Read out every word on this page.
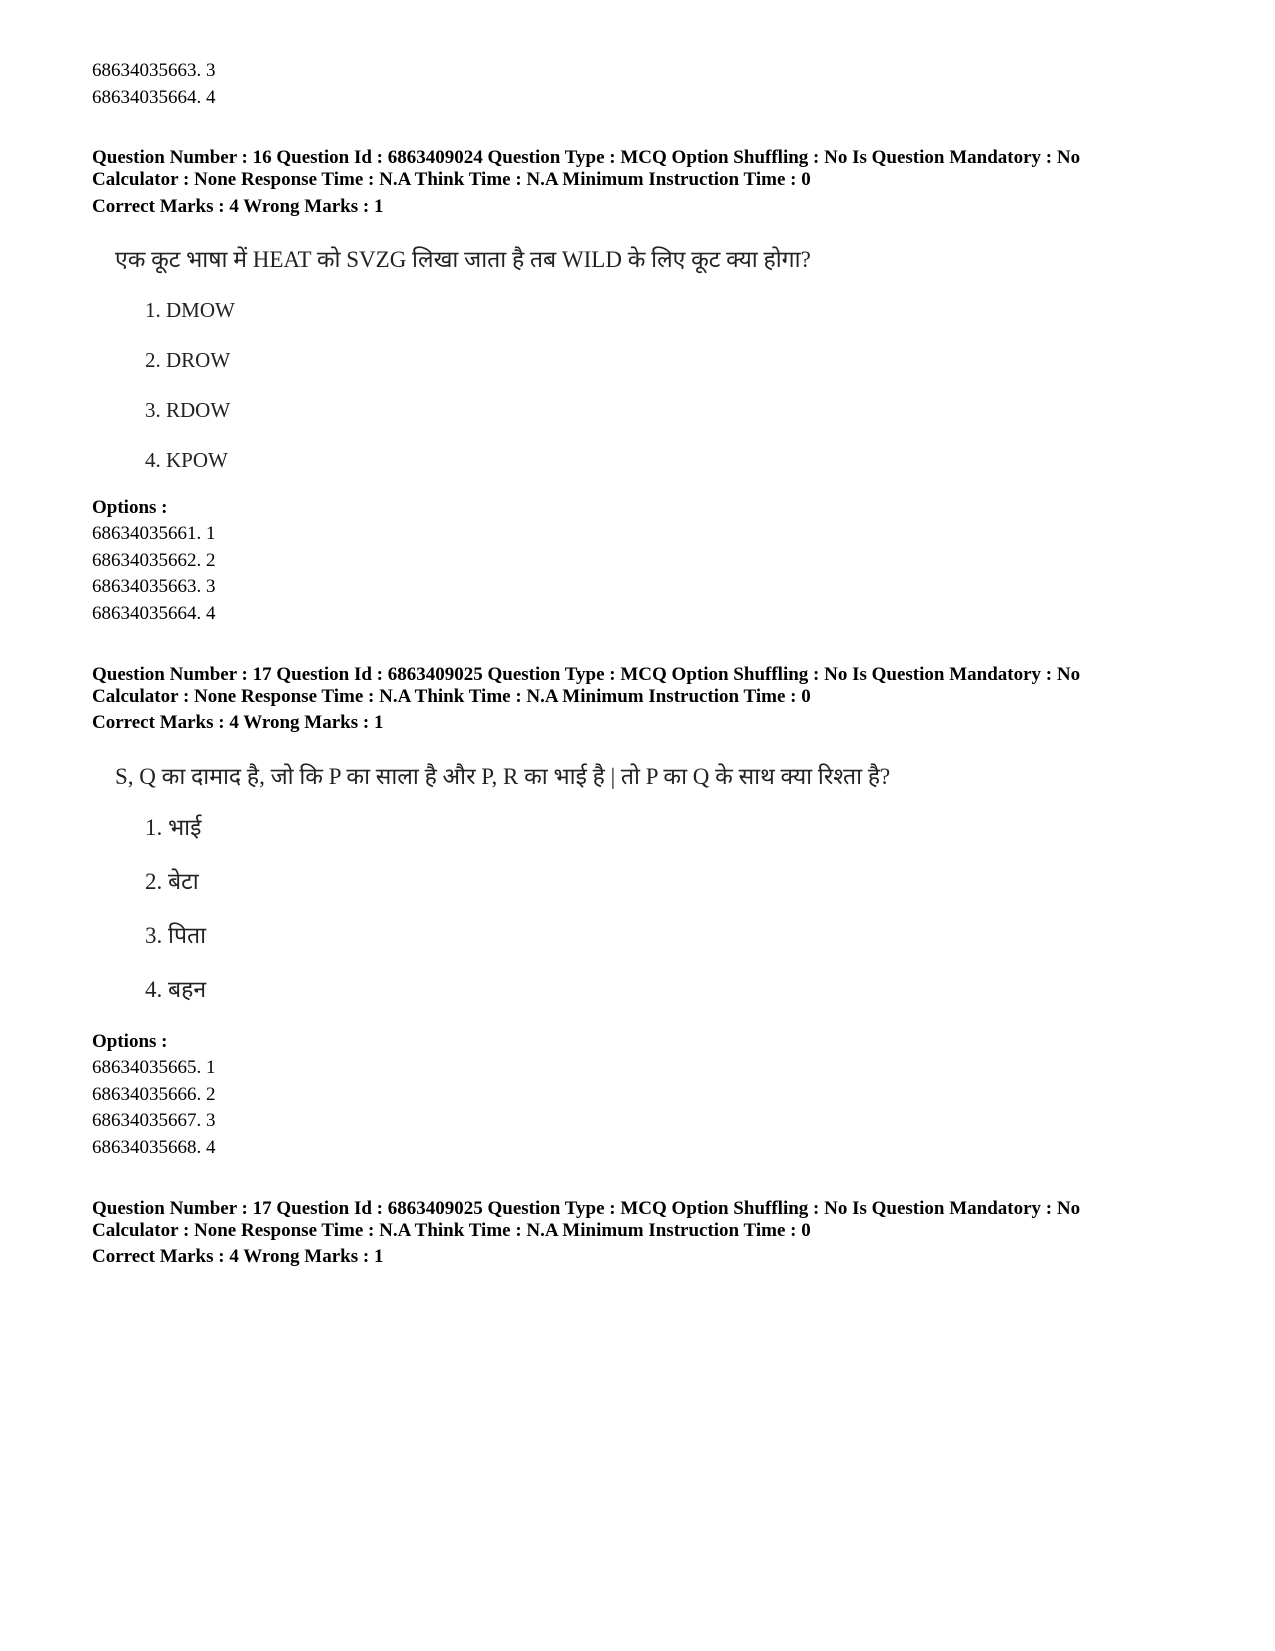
68634035663. 3
68634035664. 4
Question Number : 16 Question Id : 6863409024 Question Type : MCQ Option Shuffling : No Is Question Mandatory : No
Calculator : None Response Time : N.A Think Time : N.A Minimum Instruction Time : 0
Correct Marks : 4 Wrong Marks : 1
एक कूट भाषा में HEAT को SVZG लिखा जाता है तब WILD के लिए कूट क्या होगा?
1. DMOW
2. DROW
3. RDOW
4. KPOW
Options :
68634035661. 1
68634035662. 2
68634035663. 3
68634035664. 4
Question Number : 17 Question Id : 6863409025 Question Type : MCQ Option Shuffling : No Is Question Mandatory : No
Calculator : None Response Time : N.A Think Time : N.A Minimum Instruction Time : 0
Correct Marks : 4 Wrong Marks : 1
S, Q का दामाद है, जो कि P का साला है और P, R का भाई है | तो P का Q के साथ क्या रिश्ता है?
1. भाई
2. बेटा
3. पिता
4. बहन
Options :
68634035665. 1
68634035666. 2
68634035667. 3
68634035668. 4
Question Number : 17 Question Id : 6863409025 Question Type : MCQ Option Shuffling : No Is Question Mandatory : No
Calculator : None Response Time : N.A Think Time : N.A Minimum Instruction Time : 0
Correct Marks : 4 Wrong Marks : 1
